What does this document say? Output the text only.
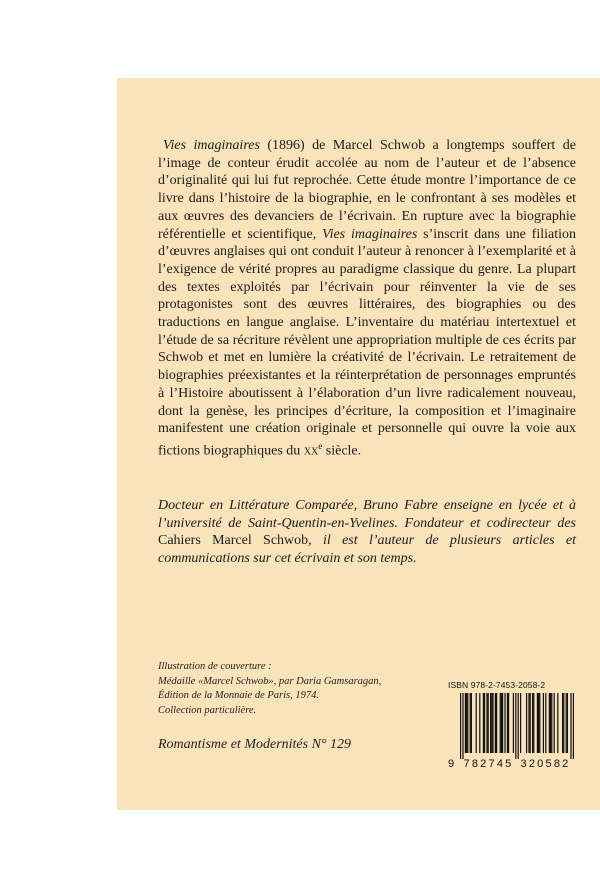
Vies imaginaires (1896) de Marcel Schwob a longtemps souffert de l’image de conteur érudit accolée au nom de l’auteur et de l’absence d’originalité qui lui fut reprochée. Cette étude montre l’importance de ce livre dans l’histoire de la biographie, en le confrontant à ses modèles et aux œuvres des devanciers de l’écrivain. En rupture avec la biographie référentielle et scientifique, Vies imaginaires s’inscrit dans une filiation d’œuvres anglaises qui ont conduit l’auteur à renoncer à l’exemplarité et à l’exigence de vérité propres au paradigme classique du genre. La plupart des textes exploités par l’écrivain pour réinventer la vie de ses protagonistes sont des œuvres littéraires, des biographies ou des traductions en langue anglaise. L’inventaire du matériau intertextuel et l’étude de sa récriture révèlent une appropriation multiple de ces écrits par Schwob et met en lumière la créativité de l’écrivain. Le retraitement de biographies préexistantes et la réinterprétation de personnages empruntés à l’Histoire aboutissent à l’élaboration d’un livre radicalement nouveau, dont la genèse, les principes d’écriture, la composition et l’imaginaire manifestent une création originale et personnelle qui ouvre la voie aux fictions biographiques du $xx^e$ siècle.

Docteur en Littérature Comparée, Bruno Fabre enseigne en lycée et à l’université de Saint-Quentin-en-Yvelines. Fondateur et codirecteur des Cahiers Marcel Schwob, il est l’auteur de plusieurs articles et communications sur cet écrivain et son temps.

Illustration de couverture :
Médaille «Marcel Schwob», par Daria Gamsaragan,
Édition de la Monnaie de Paris, 1974.
Collection particulière.
Romantisme et Modernités N° 129
ISBN 978-2-7453-2058-2
9 782745 320582
